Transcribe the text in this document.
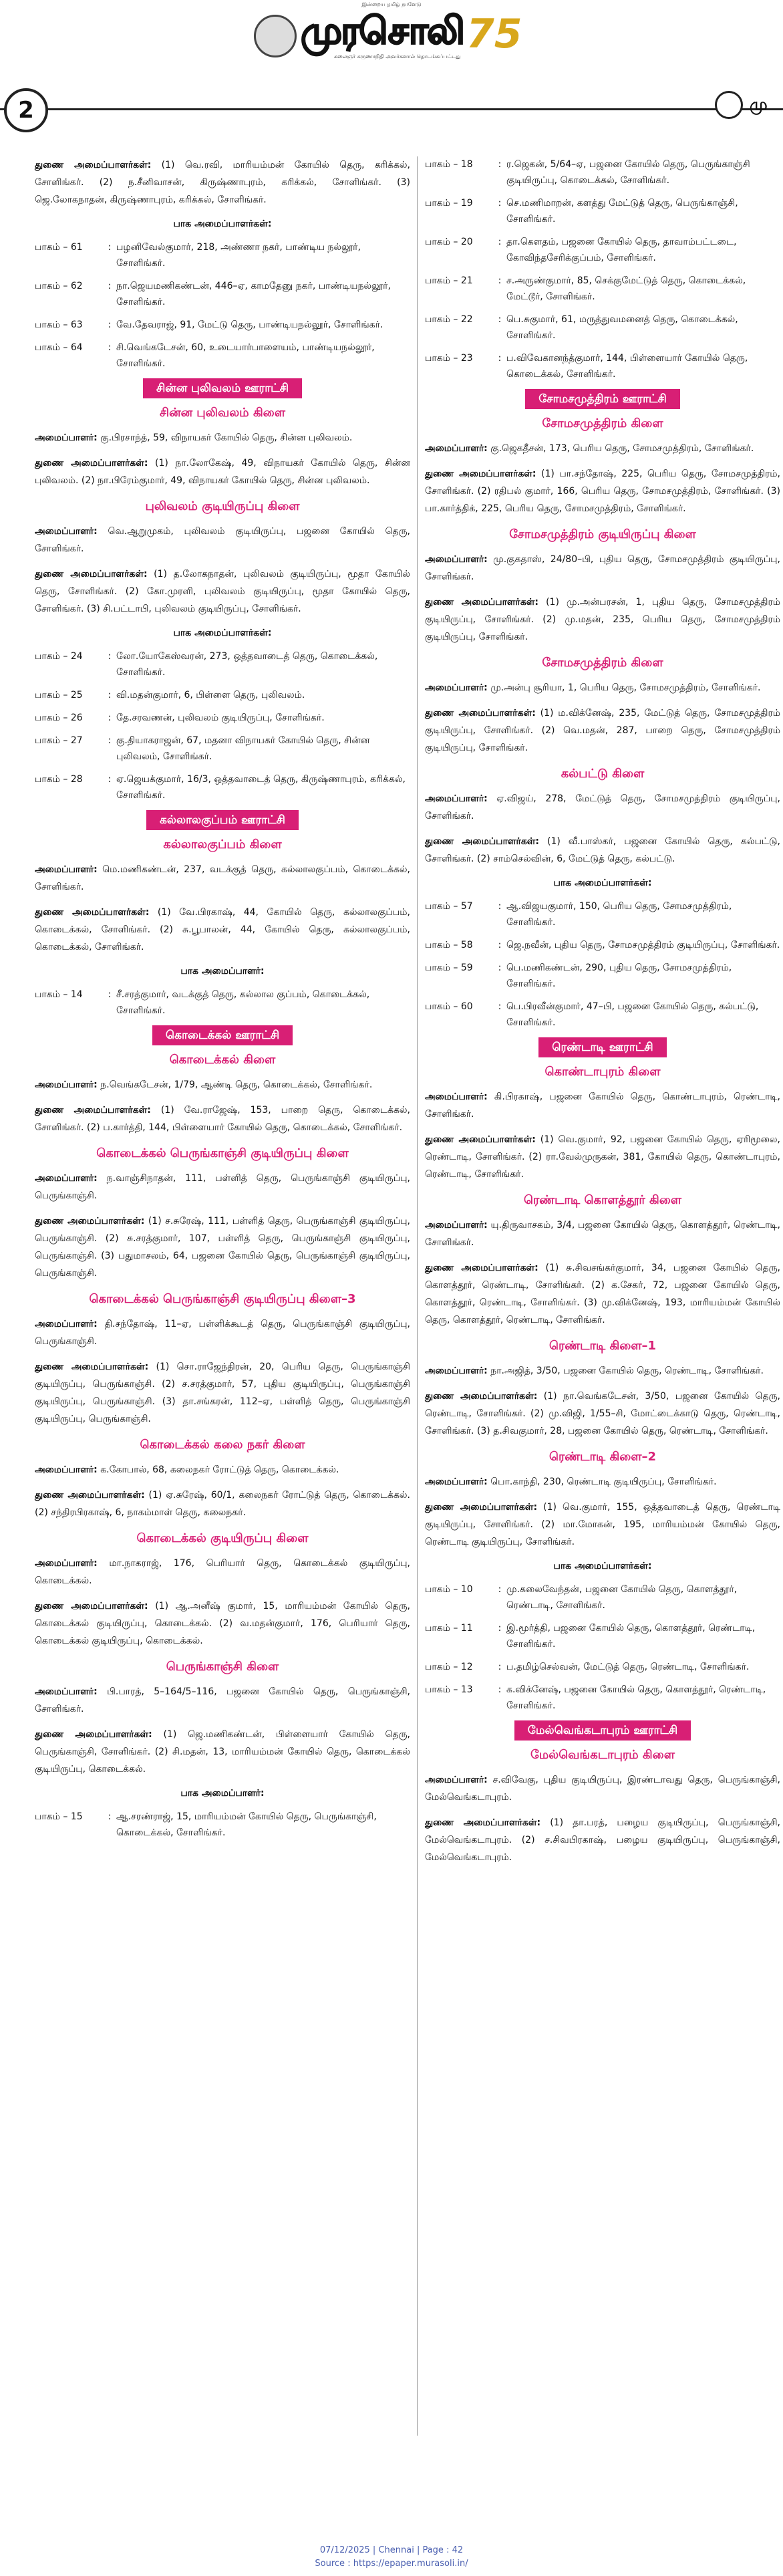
இன்றைய தமிழ் நாளேடு
முரசொலி
கலைஞர் கருணாநிதி அவர்களால் தொடங்கப்பட்டது 75
2	மு

துணை அமைப்பாளர்கள்: (1) வெ.ரவி, மாரியம்மன் கோயில் தெரு, கரிக்கல், சோளிங்கர். (2) ந.சீனிவாசன், கிருஷ்ணாபுரம், கரிக்கல், சோளிங்கர். (3) ஜெ.லோகநாதன், கிருஷ்ணாபுரம், கரிக்கல், சோளிங்கர்.

பாக அமைப்பாளர்கள்:
பாகம் – 61	: பழனிவேல்குமார், 218, அண்ணா நகர், பாண்டிய நல்லூர், சோளிங்கர்.
பாகம் – 62	: நா.ஜெயமணிகண்டன், 446–ஏ, காமதேனு நகர், பாண்டியநல்லூர், சோளிங்கர்.
பாகம் – 63	: வே.தேவராஜ், 91, மேட்டு தெரு, பாண்டியநல்லூர், சோளிங்கர்.
பாகம் – 64	: சி.வெங்கடேசன், 60, உடையார்பாளையம், பாண்டியநல்லூர், சோளிங்கர்.
சின்ன புலிவலம் ஊராட்சி
சின்ன புலிவலம் கிளை

அமைப்பாளர்: கு.பிரசாந்த், 59, விநாயகர் கோயில் தெரு, சின்ன புலிவலம்.

துணை அமைப்பாளர்கள்: (1) நா.லோகேஷ், 49, விநாயகர் கோயில் தெரு, சின்ன புலிவலம். (2) நா.பிரேம்குமார், 49, விநாயகர் கோயில் தெரு, சின்ன புலிவலம்.

புலிவலம் குடியிருப்பு கிளை

அமைப்பாளர்: வெ.ஆறுமுகம், புலிவலம் குடியிருப்பு, பஜனை கோயில் தெரு, சோளிங்கர்.

துணை அமைப்பாளர்கள்: (1) த.லோகநாதன், புலிவலம் குடியிருப்பு, மூதா கோயில் தெரு, சோளிங்கர். (2) கோ.முரளி, புலிவலம் குடியிருப்பு, மூதா கோயில் தெரு, சோளிங்கர். (3) சி.பட்டாபி, புலிவலம் குடியிருப்பு, சோளிங்கர்.

பாக அமைப்பாளர்கள்:
பாகம் – 24	: லோ.யோகேஸ்வரன், 273, ஒத்தவாடைத் தெரு, கொடைக்கல், சோளிங்கர்.
பாகம் – 25	: வி.மதன்குமார், 6, பிள்ளை தெரு, புலிவலம்.
பாகம் – 26	: தே.சரவணன், புலிவலம் குடியிருப்பு, சோளிங்கர்.
பாகம் – 27	: கு.தியாகராஜன், 67, மதனா விநாயகர் கோயில் தெரு, சின்ன புலிவலம், சோளிங்கர்.
பாகம் – 28	: ஏ.ஜெயக்குமார், 16/3, ஒத்தவாடைத் தெரு, கிருஷ்ணாபுரம், கரிக்கல், சோளிங்கர்.
கல்லாலகுப்பம் ஊராட்சி
கல்லாலகுப்பம் கிளை

அமைப்பாளர்: மெ.மணிகண்டன், 237, வடக்குத் தெரு, கல்லாலகுப்பம், கொடைக்கல், சோளிங்கர்.

துணை அமைப்பாளர்கள்: (1) வே.பிரகாஷ், 44, கோயில் தெரு, கல்லாலகுப்பம், கொடைக்கல், சோளிங்கர். (2) சு.பூபாலன், 44, கோயில் தெரு, கல்லாலகுப்பம், கொடைக்கல், சோளிங்கர்.

பாக அமைப்பாளர்:
பாகம் – 14	: சீ.சரத்குமார், வடக்குத் தெரு, கல்லால குப்பம், கொடைக்கல், சோளிங்கர்.
கொடைக்கல் ஊராட்சி
கொடைக்கல் கிளை

அமைப்பாளர்: ந.வெங்கடேசன், 1/79, ஆண்டி தெரு, கொடைக்கல், சோளிங்கர்.

துணை அமைப்பாளர்கள்: (1) வே.ராஜேஷ், 153, பாறை தெரு, கொடைக்கல், சோளிங்கர். (2) ப.கார்த்தி, 144, பிள்ளையார் கோயில் தெரு, கொடைக்கல், சோளிங்கர்.

கொடைக்கல் பெருங்காஞ்சி குடியிருப்பு கிளை

அமைப்பாளர்: ந.வாஞ்சிநாதன், 111, பள்ளித் தெரு, பெருங்காஞ்சி குடியிருப்பு, பெருங்காஞ்சி.

துணை அமைப்பாளர்கள்: (1) ச.சுரேஷ், 111, பள்ளித் தெரு, பெருங்காஞ்சி குடியிருப்பு, பெருங்காஞ்சி. (2) சு.சரத்குமார், 107, பள்ளித் தெரு, பெருங்காஞ்சி குடியிருப்பு, பெருங்காஞ்சி. (3) பதுமாசலம், 64, பஜனை கோயில் தெரு, பெருங்காஞ்சி குடியிருப்பு, பெருங்காஞ்சி.

கொடைக்கல் பெருங்காஞ்சி குடியிருப்பு கிளை–3

அமைப்பாளர்: தி.சந்தோஷ், 11–ஏ, பள்ளிக்கூடத் தெரு, பெருங்காஞ்சி குடியிருப்பு, பெருங்காஞ்சி.

துணை அமைப்பாளர்கள்: (1) சொ.ராஜேந்திரன், 20, பெரிய தெரு, பெருங்காஞ்சி குடியிருப்பு, பெருங்காஞ்சி. (2) ச.சரத்குமார், 57, புதிய குடியிருப்பு, பெருங்காஞ்சி குடியிருப்பு, பெருங்காஞ்சி. (3) தா.சங்கரன், 112–ஏ, பள்ளித் தெரு, பெருங்காஞ்சி குடியிருப்பு, பெருங்காஞ்சி.

கொடைக்கல் கலை நகர் கிளை

அமைப்பாளர்: க.கோபால், 68, கலைநகர் ரோட்டுத் தெரு, கொடைக்கல்.

துணை அமைப்பாளர்கள்: (1) ஏ.சுரேஷ், 60/1, கலைநகர் ரோட்டுத் தெரு, கொடைக்கல். (2) சந்திரபிரகாஷ், 6, நாகம்மாள் தெரு, கலைநகர்.

கொடைக்கல் குடியிருப்பு கிளை

அமைப்பாளர்: மா.நாகராஜ், 176, பெரியார் தெரு, கொடைக்கல் குடியிருப்பு, கொடைக்கல்.

துணை அமைப்பாளர்கள்: (1) ஆ.அனீஷ் குமார், 15, மாரியம்மன் கோயில் தெரு, கொடைக்கல் குடியிருப்பு, கொடைக்கல். (2) வ.மதன்குமார், 176, பெரியார் தெரு, கொடைக்கல் குடியிருப்பு, கொடைக்கல்.

பெருங்காஞ்சி கிளை

அமைப்பாளர்: பி.பாரத், 5–164/5–116, பஜனை கோயில் தெரு, பெருங்காஞ்சி, சோளிங்கர்.

துணை அமைப்பாளர்கள்: (1) ஜெ.மணிகண்டன், பிள்ளையார் கோயில் தெரு, பெருங்காஞ்சி, சோளிங்கர். (2) சி.மதன், 13, மாரியம்மன் கோயில் தெரு, கொடைக்கல் குடியிருப்பு, கொடைக்கல்.

பாக அமைப்பாளர்:
பாகம் – 15	: ஆ.சரண்ராஜ், 15, மாரியம்மன் கோயில் தெரு, பெருங்காஞ்சி, கொடைக்கல், சோளிங்கர்.
பாகம் – 18	: ர.ஜெகன், 5/64–ஏ, பஜனை கோயில் தெரு, பெருங்காஞ்சி குடியிருப்பு, கொடைக்கல், சோளிங்கர்.
பாகம் – 19	: செ.மணிமாறன், களத்து மேட்டுத் தெரு, பெருங்காஞ்சி, சோளிங்கர்.
பாகம் – 20	: தா.கௌதம், பஜனை கோயில் தெரு, தாவாம்பட்டடை, கோவிந்தசேரிக்குப்பம், சோளிங்கர்.
பாகம் – 21	: ச.அருண்குமார், 85, செக்குமேட்டுத் தெரு, கொடைக்கல், மேட்டூர், சோளிங்கர்.
பாகம் – 22	: பெ.சுகுமார், 61, மருத்துவமனைத் தெரு, கொடைக்கல், சோளிங்கர்.
பாகம் – 23	: ப.விவேகானந்த்குமார், 144, பிள்ளையார் கோயில் தெரு, கொடைக்கல், சோளிங்கர்.
சோமசமுத்திரம் ஊராட்சி
சோமசமுத்திரம் கிளை

அமைப்பாளர்: கு.ஜெகதீசன், 173, பெரிய தெரு, சோமசமுத்திரம், சோளிங்கர்.

துணை அமைப்பாளர்கள்: (1) பா.சந்தோஷ், 225, பெரிய தெரு, சோமசமுத்திரம், சோளிங்கர். (2) ரதிபல் குமார், 166, பெரிய தெரு, சோமசமுத்திரம், சோளிங்கர். (3) பா.கார்த்திக், 225, பெரிய தெரு, சோமசமுத்திரம், சோளிங்கர்.

சோமசமுத்திரம் குடியிருப்பு கிளை

அமைப்பாளர்: மு.குகதாஸ், 24/80–பி, புதிய தெரு, சோமசமுத்திரம் குடியிருப்பு, சோளிங்கர்.

துணை அமைப்பாளர்கள்: (1) மு.அன்பரசன், 1, புதிய தெரு, சோமசமுத்திரம் குடியிருப்பு, சோளிங்கர். (2) மு.மதன், 235, பெரிய தெரு, சோமசமுத்திரம் குடியிருப்பு, சோளிங்கர்.

சோமசமுத்திரம் கிளை

அமைப்பாளர்: மு.அன்பு சூரியா, 1, பெரிய தெரு, சோமசமுத்திரம், சோளிங்கர்.

துணை அமைப்பாளர்கள்: (1) ம.விக்னேஷ், 235, மேட்டுத் தெரு, சோமசமுத்திரம் குடியிருப்பு, சோளிங்கர். (2) வெ.மதன், 287, பாறை தெரு, சோமசமுத்திரம் குடியிருப்பு, சோளிங்கர்.

கல்பட்டு கிளை

அமைப்பாளர்: ஏ.விஜய், 278, மேட்டுத் தெரு, சோமசமுத்திரம் குடியிருப்பு, சோளிங்கர்.

துணை அமைப்பாளர்கள்: (1) வீ.பாஸ்கர், பஜனை கோயில் தெரு, கல்பட்டு, சோளிங்கர். (2) சாம்செல்வின், 6, மேட்டுத் தெரு, கல்பட்டு.

பாக அமைப்பாளர்கள்:
பாகம் – 57	: ஆ.விஜயகுமார், 150, பெரிய தெரு, சோமசமுத்திரம், சோளிங்கர்.
பாகம் – 58	: ஜெ.நவீன், புதிய தெரு, சோமசமுத்திரம் குடியிருப்பு, சோளிங்கர்.
பாகம் – 59	: பெ.மணிகண்டன், 290, புதிய தெரு, சோமசமுத்திரம், சோளிங்கர்.
பாகம் – 60	: பெ.பிரவீன்குமார், 47–பி, பஜனை கோயில் தெரு, கல்பட்டு, சோளிங்கர்.
ரெண்டாடி ஊராட்சி
கொண்டாபுரம் கிளை

அமைப்பாளர்: கி.பிரகாஷ், பஜனை கோயில் தெரு, கொண்டாபுரம், ரெண்டாடி, சோளிங்கர்.

துணை அமைப்பாளர்கள்: (1) வெ.குமார், 92, பஜனை கோயில் தெரு, ஏரிமூலை, ரெண்டாடி, சோளிங்கர். (2) ரா.வேல்முருகன், 381, கோயில் தெரு, கொண்டாபுரம், ரெண்டாடி, சோளிங்கர்.

ரெண்டாடி கொளத்தூர் கிளை

அமைப்பாளர்: யு.திருவாசகம், 3/4, பஜனை கோயில் தெரு, கொளத்தூர், ரெண்டாடி, சோளிங்கர்.

துணை அமைப்பாளர்கள்: (1) சு.சிவசங்கர்குமார், 34, பஜனை கோயில் தெரு, கொளத்தூர், ரெண்டாடி, சோளிங்கர். (2) க.சேகர், 72, பஜனை கோயில் தெரு, கொளத்தூர், ரெண்டாடி, சோளிங்கர். (3) மு.விக்னேஷ், 193, மாரியம்மன் கோயில் தெரு, கொளத்தூர், ரெண்டாடி, சோளிங்கர்.

ரெண்டாடி கிளை–1

அமைப்பாளர்: நா.அஜித், 3/50, பஜனை கோயில் தெரு, ரெண்டாடி, சோளிங்கர்.

துணை அமைப்பாளர்கள்: (1) நா.வெங்கடேசன், 3/50, பஜனை கோயில் தெரு, ரெண்டாடி, சோளிங்கர். (2) மு.விஜி, 1/55–சி, மோட்டைக்காடு தெரு, ரெண்டாடி, சோளிங்கர். (3) த.சிவகுமார், 28, பஜனை கோயில் தெரு, ரெண்டாடி, சோளிங்கர்.

ரெண்டாடி கிளை–2

அமைப்பாளர்: பொ.காந்தி, 230, ரெண்டாடி குடியிருப்பு, சோளிங்கர்.

துணை அமைப்பாளர்கள்: (1) வெ.குமார், 155, ஒத்தவாடைத் தெரு, ரெண்டாடி குடியிருப்பு, சோளிங்கர். (2) மா.மோகன், 195, மாரியம்மன் கோயில் தெரு, ரெண்டாடி குடியிருப்பு, சோளிங்கர்.

பாக அமைப்பாளர்கள்:
பாகம் – 10	: மு.கலைவேந்தன், பஜனை கோயில் தெரு, கொளத்தூர், ரெண்டாடி, சோளிங்கர்.
பாகம் – 11	: இ.மூர்த்தி, பஜனை கோயில் தெரு, கொளத்தூர், ரெண்டாடி, சோளிங்கர்.
பாகம் – 12	: ப.தமிழ்செல்வன், மேட்டுத் தெரு, ரெண்டாடி, சோளிங்கர்.
பாகம் – 13	: க.விக்னேஷ், பஜனை கோயில் தெரு, கொளத்தூர், ரெண்டாடி, சோளிங்கர்.
மேல்வெங்கடாபுரம் ஊராட்சி
மேல்வெங்கடாபுரம் கிளை

அமைப்பாளர்: ச.விவேகு, புதிய குடியிருப்பு, இரண்டாவது தெரு, பெருங்காஞ்சி, மேல்வெங்கடாபுரம்.

துணை அமைப்பாளர்கள்: (1) தா.பரத், பழைய குடியிருப்பு, பெருங்காஞ்சி, மேல்வெங்கடாபுரம். (2) ச.சிவபிரகாஷ், பழைய குடியிருப்பு, பெருங்காஞ்சி, மேல்வெங்கடாபுரம்.

07/12/2025 | Chennai | Page : 42
Source : https://epaper.murasoli.in/
